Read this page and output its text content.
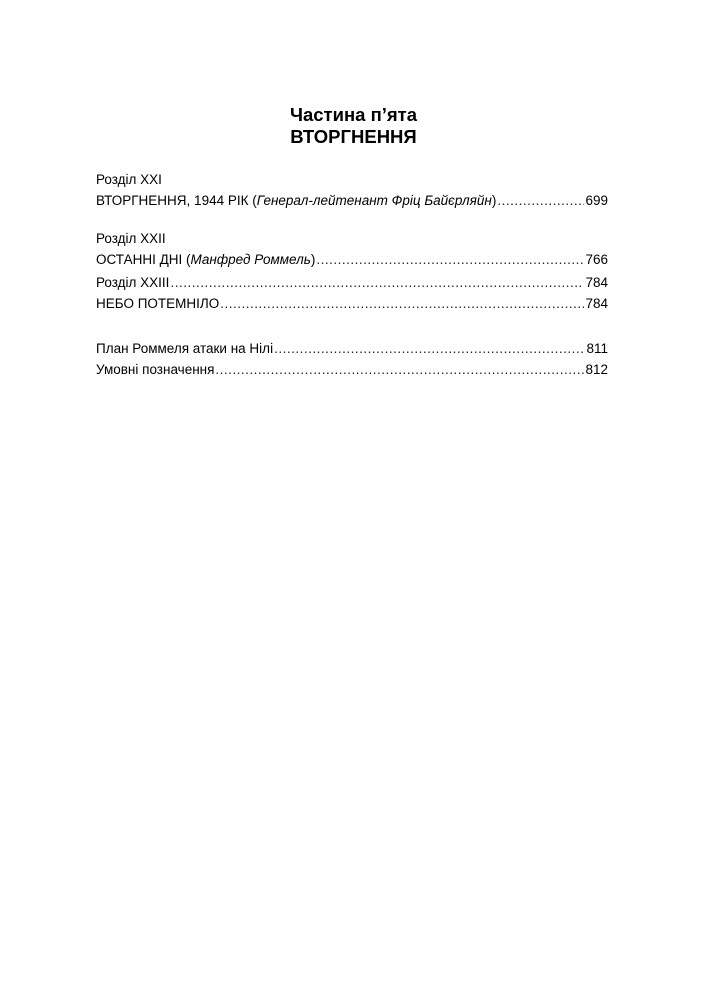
Частина п’ята
ВТОРГНЕННЯ
Розділ XXI
ВТОРГНЕННЯ, 1944 РІК (Генерал-лейтенант Фріц Байєрляйн) .....	699
Розділ XXII
ОСТАННІ ДНІ (Манфред Роммель) .....	766
Розділ XXIII .....	784
НЕБО ПОТЕМНІЛО .....	784
План Роммеля атаки на Нілі .....	811
Умовні позначення .....	812
